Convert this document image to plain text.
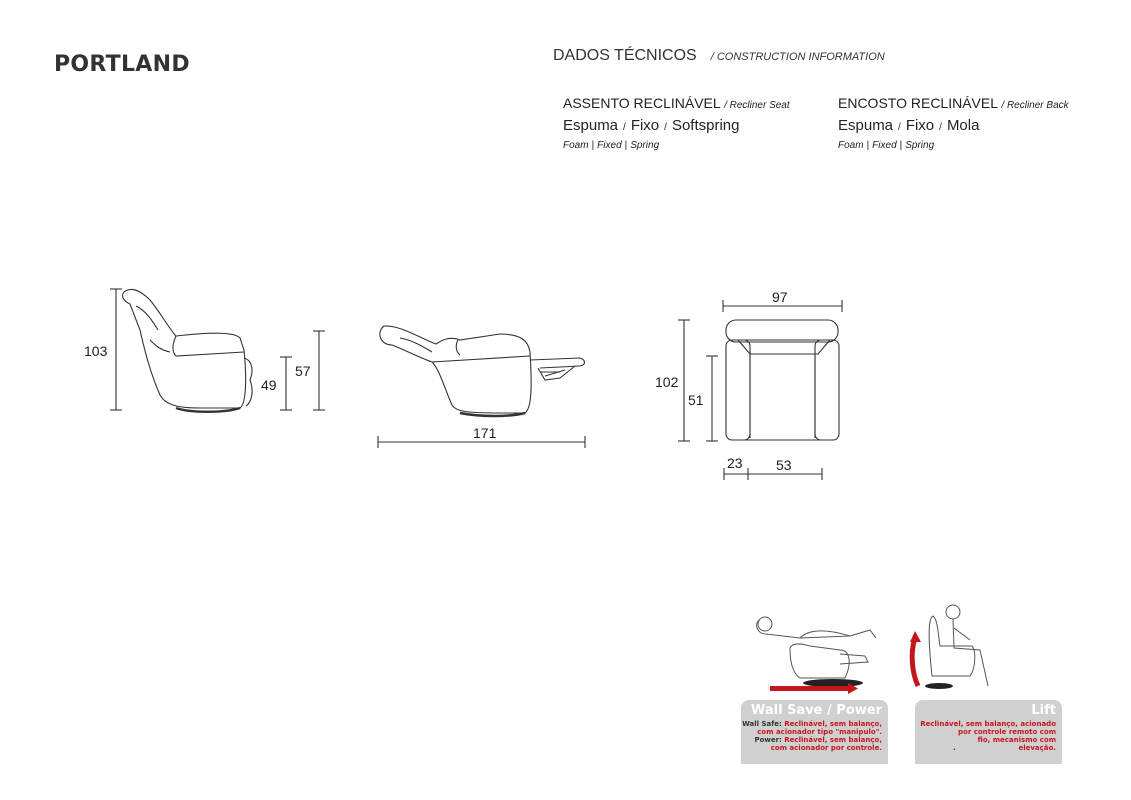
PORTLAND	DADOS TÉCNICOS / CONSTRUCTION INFORMATION
ASSENTO RECLINÁVEL / Recliner Seat
Espuma / Fixo / Softspring
Foam | Fixed | Spring
ENCOSTO RECLINÁVEL / Recliner Back
Espuma / Fixo / Mola
Foam | Fixed | Spring
103
49
57
171
97
102
51
23 53
Wall Save / Power
Wall Safe: Reclinável, sem balanço,
com acionador tipo "manipulo".
Power: Reclinável, sem balanço,
com acionador por controle.
Lift
Reclinável, sem balanço, acionado
por controle remoto com
fio, mecanismo com
elevação.
.
